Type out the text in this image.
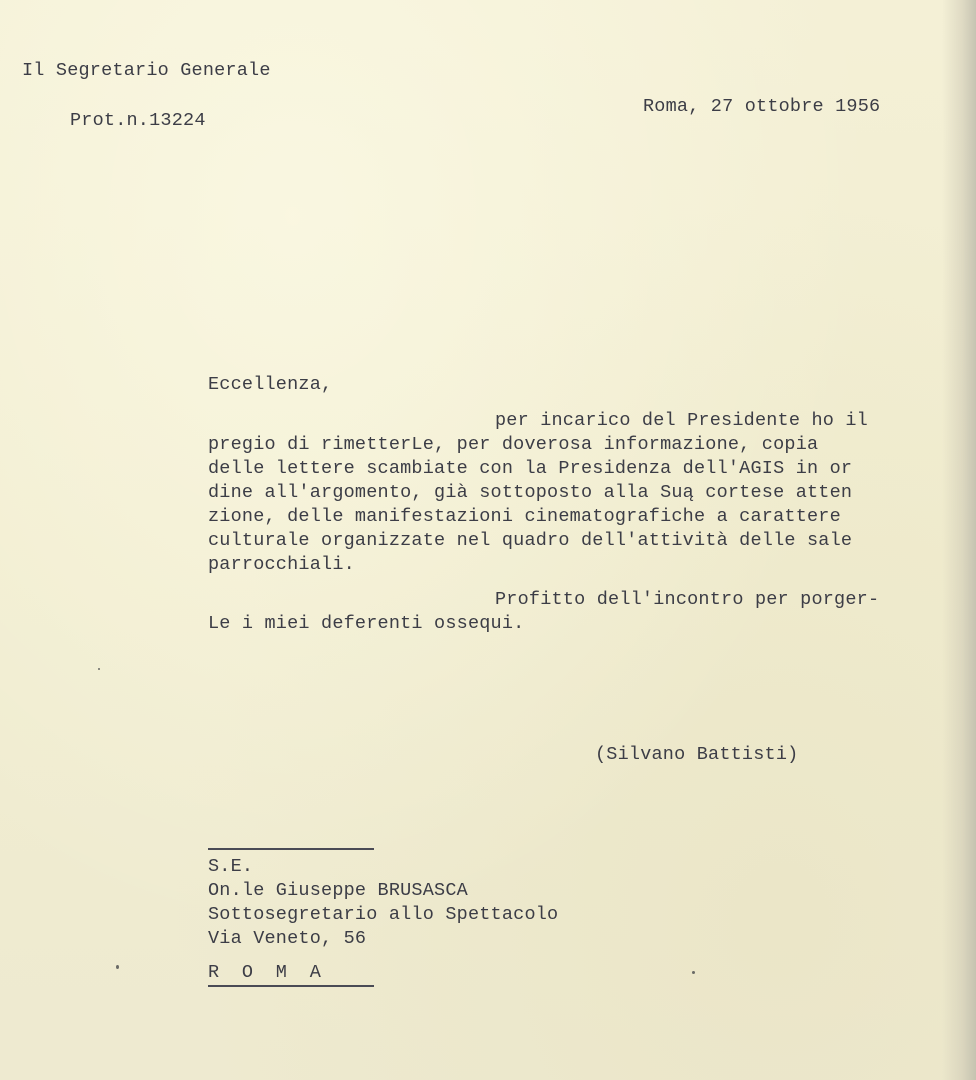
Il Segretario Generale
Prot.n.13224
Roma, 27 ottobre 1956
Eccellenza,
per incarico del Presidente ho il
pregio di rimetterLe, per doverosa informazione, copia
delle lettere scambiate con la Presidenza dell'AGIS in or
dine all'argomento, già sottoposto alla Suą cortese atten
zione, delle manifestazioni cinematografiche a carattere
culturale organizzate nel quadro dell'attività delle sale
parrocchiali.
Profitto dell'incontro per porger-
Le i miei deferenti ossequi.
(Silvano Battisti)
S.E.
On.le Giuseppe BRUSASCA
Sottosegretario allo Spettacolo
Via Veneto, 56
R  O  M  A
